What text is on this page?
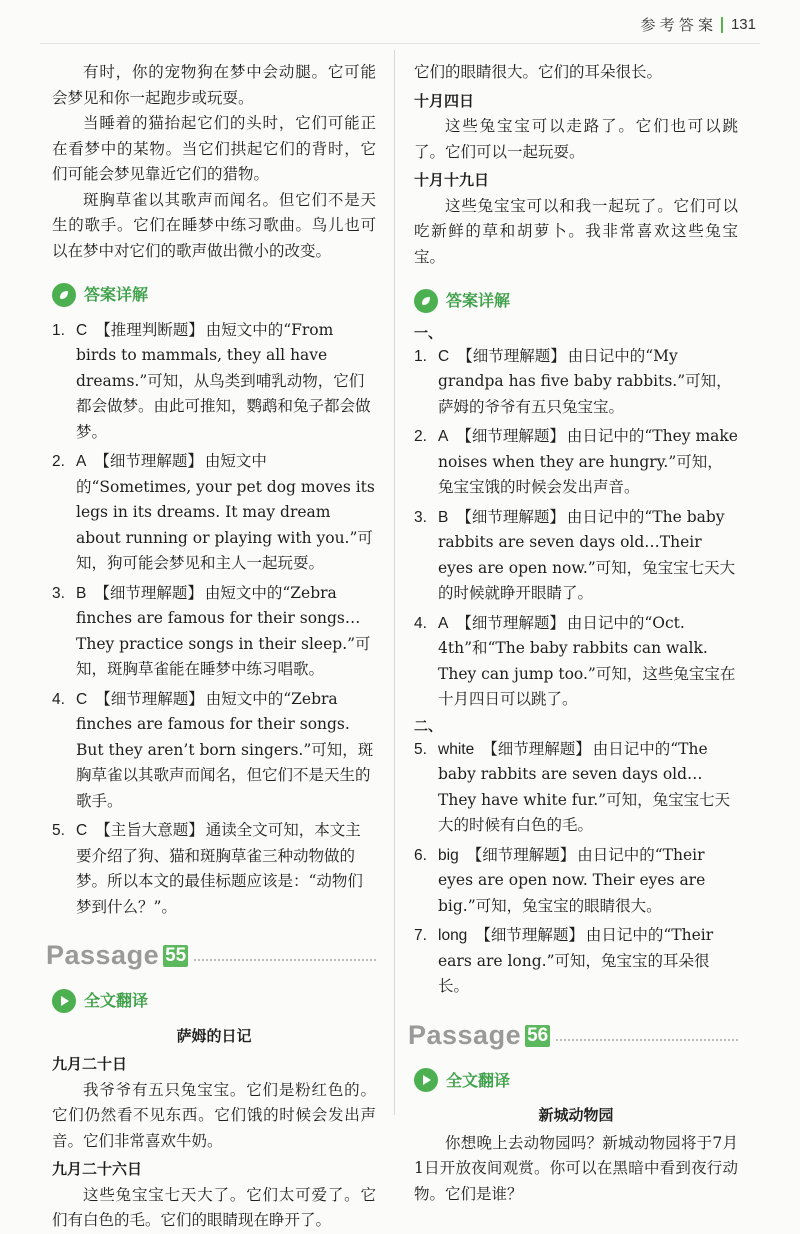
参 考 答 案 131

有时，你的宠物狗在梦中会动腿。它可能会梦见和你一起跑步或玩耍。

当睡着的猫抬起它们的头时，它们可能正在看梦中的某物。当它们拱起它们的背时，它们可能会梦见靠近它们的猎物。

斑胸草雀以其歌声而闻名。但它们不是天生的歌手。它们在睡梦中练习歌曲。鸟儿也可以在梦中对它们的歌声做出微小的改变。

答案详解
1. C 【推理判断题】 由短文中的“From birds to mammals, they all have dreams.”可知，从鸟类到哺乳动物，它们都会做梦。由此可推知，鹦鹉和兔子都会做梦。
2. A 【细节理解题】 由短文中的“Sometimes, your pet dog moves its legs in its dreams. It may dream about running or playing with you.”可知，狗可能会梦见和主人一起玩耍。
3. B 【细节理解题】 由短文中的“Zebra finches are famous for their songs… They practice songs in their sleep.”可知，斑胸草雀能在睡梦中练习唱歌。
4. C 【细节理解题】 由短文中的“Zebra finches are famous for their songs. But they aren’t born singers.”可知，斑胸草雀以其歌声而闻名，但它们不是天生的歌手。
5. C 【主旨大意题】 通读全文可知，本文主要介绍了狗、猫和斑胸草雀三种动物做的梦。所以本文的最佳标题应该是：“动物们梦到什么？”。
Passage 55
全文翻译
萨姆的日记
九月二十日

我爷爷有五只兔宝宝。它们是粉红色的。它们仍然看不见东西。它们饿的时候会发出声音。它们非常喜欢牛奶。

九月二十六日

这些兔宝宝七天大了。它们太可爱了。它们有白色的毛。它们的眼睛现在睁开了。

它们的眼睛很大。它们的耳朵很长。

十月四日

这些兔宝宝可以走路了。它们也可以跳了。它们可以一起玩耍。

十月十九日

这些兔宝宝可以和我一起玩了。它们可以吃新鲜的草和胡萝卜。我非常喜欢这些兔宝宝。

答案详解
一、
1. C 【细节理解题】 由日记中的“My grandpa has five baby rabbits.”可知，萨姆的爷爷有五只兔宝宝。
2. A 【细节理解题】 由日记中的“They make noises when they are hungry.”可知，兔宝宝饿的时候会发出声音。
3. B 【细节理解题】 由日记中的“The baby rabbits are seven days old…Their eyes are open now.”可知，兔宝宝七天大的时候就睁开眼睛了。
4. A 【细节理解题】 由日记中的“Oct. 4th”和“The baby rabbits can walk. They can jump too.”可知，这些兔宝宝在十月四日可以跳了。
二、
5. white 【细节理解题】 由日记中的“The baby rabbits are seven days old…They have white fur.”可知，兔宝宝七天大的时候有白色的毛。
6. big 【细节理解题】 由日记中的“Their eyes are open now. Their eyes are big.”可知，兔宝宝的眼睛很大。
7. long 【细节理解题】 由日记中的“Their ears are long.”可知，兔宝宝的耳朵很长。
Passage 56
全文翻译
新城动物园

你想晚上去动物园吗？新城动物园将于7月1日开放夜间观赏。你可以在黑暗中看到夜行动物。它们是谁？
